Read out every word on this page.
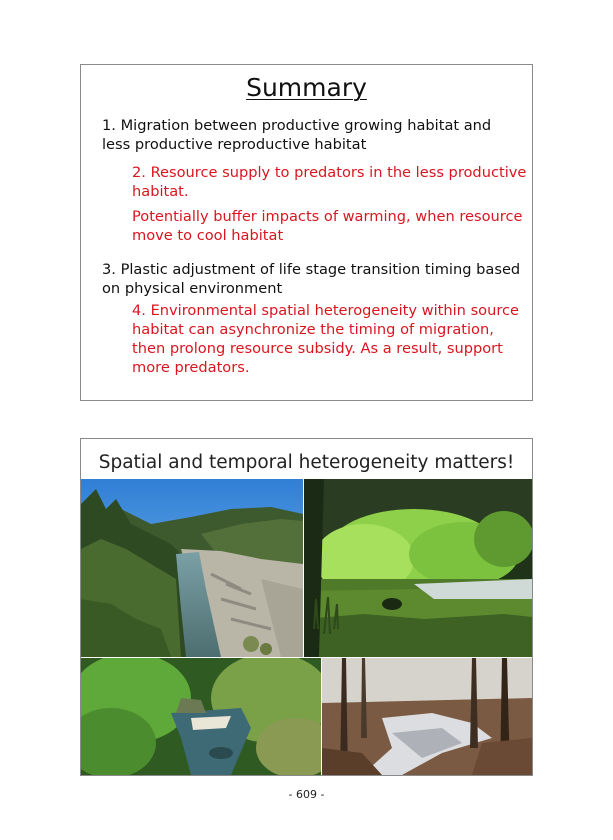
Summary
1. Migration between productive growing habitat and less productive reproductive habitat
2. Resource supply to predators in the less productive habitat.
Potentially buffer impacts of warming, when resource move to cool habitat
3. Plastic adjustment of life stage transition timing based on physical environment
4. Environmental spatial heterogeneity within source habitat can asynchronize the timing of migration, then prolong resource subsidy. As a result, support more predators.
Spatial and temporal heterogeneity matters!
- 609 -
